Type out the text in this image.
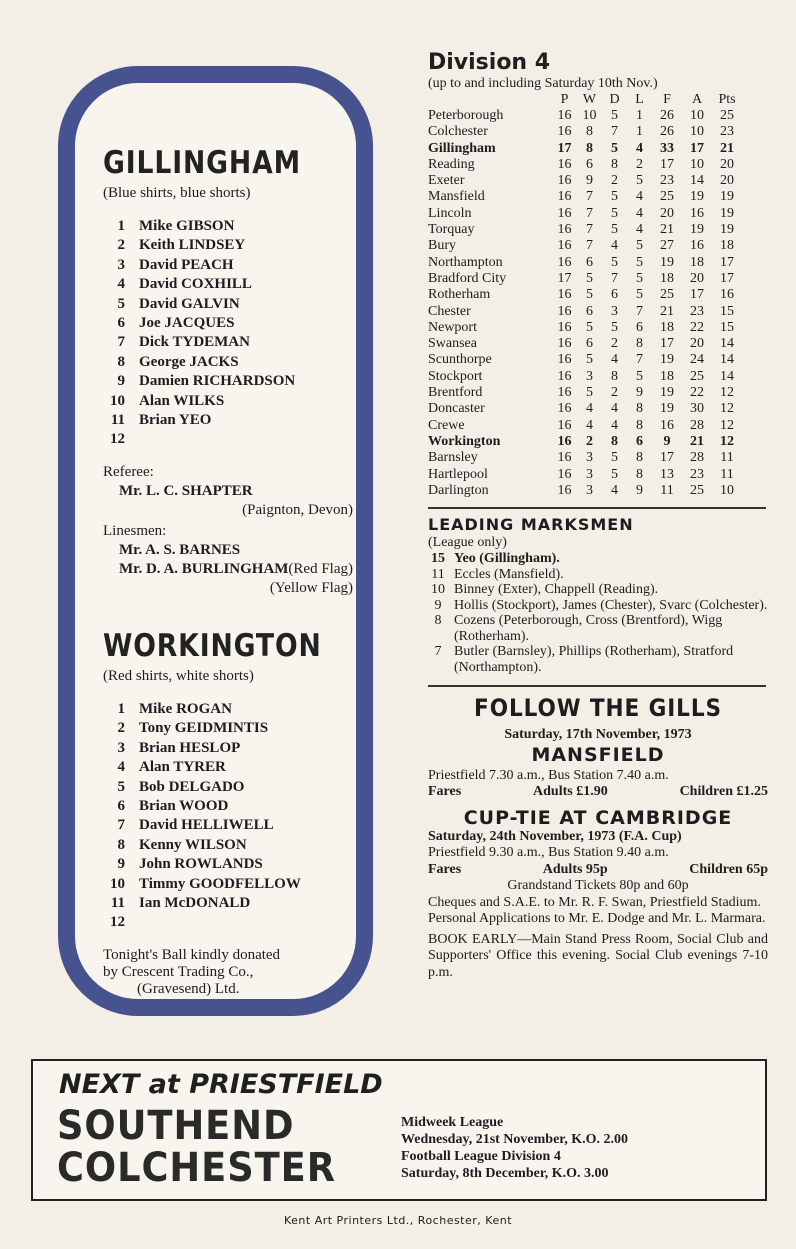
GILLINGHAM
(Blue shirts, blue shorts)
1 Mike GIBSON
2 Keith LINDSEY
3 David PEACH
4 David COXHILL
5 David GALVIN
6 Joe JACQUES
7 Dick TYDEMAN
8 George JACKS
9 Damien RICHARDSON
10 Alan WILKS
11 Brian YEO
12
Referee:
Mr. L. C. SHAPTER
(Paignton, Devon)
Linesmen:
Mr. A. S. BARNES
(Red Flag)
Mr. D. A. BURLINGHAM
(Yellow Flag)
WORKINGTON
(Red shirts, white shorts)
1 Mike ROGAN
2 Tony GEIDMINTIS
3 Brian HESLOP
4 Alan TYRER
5 Bob DELGADO
6 Brian WOOD
7 David HELLIWELL
8 Kenny WILSON
9 John ROWLANDS
10 Timmy GOODFELLOW
11 Ian McDONALD
12
Tonight's Ball kindly donated
by Crescent Trading Co.,
(Gravesend) Ltd.
Division 4
(up to and including Saturday 10th Nov.)
	P	W	D	L	F	A	Pts
Peterborough	16	10	5	1	26	10	25
Colchester	16	8	7	1	26	10	23
Gillingham	17	8	5	4	33	17	21
Reading	16	6	8	2	17	10	20
Exeter	16	9	2	5	23	14	20
Mansfield	16	7	5	4	25	19	19
Lincoln	16	7	5	4	20	16	19
Torquay	16	7	5	4	21	19	19
Bury	16	7	4	5	27	16	18
Northampton	16	6	5	5	19	18	17
Bradford City	17	5	7	5	18	20	17
Rotherham	16	5	6	5	25	17	16
Chester	16	6	3	7	21	23	15
Newport	16	5	5	6	18	22	15
Swansea	16	6	2	8	17	20	14
Scunthorpe	16	5	4	7	19	24	14
Stockport	16	3	8	5	18	25	14
Brentford	16	5	2	9	19	22	12
Doncaster	16	4	4	8	19	30	12
Crewe	16	4	4	8	16	28	12
Workington	16	2	8	6	9	21	12
Barnsley	16	3	5	8	17	28	11
Hartlepool	16	3	5	8	13	23	11
Darlington	16	3	4	9	11	25	10
LEADING MARKSMEN
(League only)
15 Yeo (Gillingham).
11 Eccles (Mansfield).
10 Binney (Exter), Chappell (Reading).
9 Hollis (Stockport), James (Chester), Svarc (Colchester).
8 Cozens (Peterborough, Cross (Brentford), Wigg (Rotherham).
7 Butler (Barnsley), Phillips (Rotherham), Stratford (Northampton).
FOLLOW THE GILLS
Saturday, 17th November, 1973
MANSFIELD
Priestfield 7.30 a.m., Bus Station 7.40 a.m.
Fares	Adults £1.90	Children £1.25
CUP-TIE AT CAMBRIDGE
Saturday, 24th November, 1973 (F.A. Cup)
Priestfield 9.30 a.m., Bus Station 9.40 a.m.
Fares	Adults 95p	Children 65p
Grandstand Tickets 80p and 60p
Cheques and S.A.E. to Mr. R. F. Swan, Priestfield Stadium.
Personal Applications to Mr. E. Dodge and Mr. L. Marmara.
BOOK EARLY—Main Stand Press Room, Social Club and Supporters' Office this evening. Social Club evenings 7-10 p.m.
NEXT at PRIESTFIELD
SOUTHEND
COLCHESTER
Midweek League
Wednesday, 21st November, K.O. 2.00
Football League Division 4
Saturday, 8th December, K.O. 3.00
Kent Art Printers Ltd., Rochester, Kent
